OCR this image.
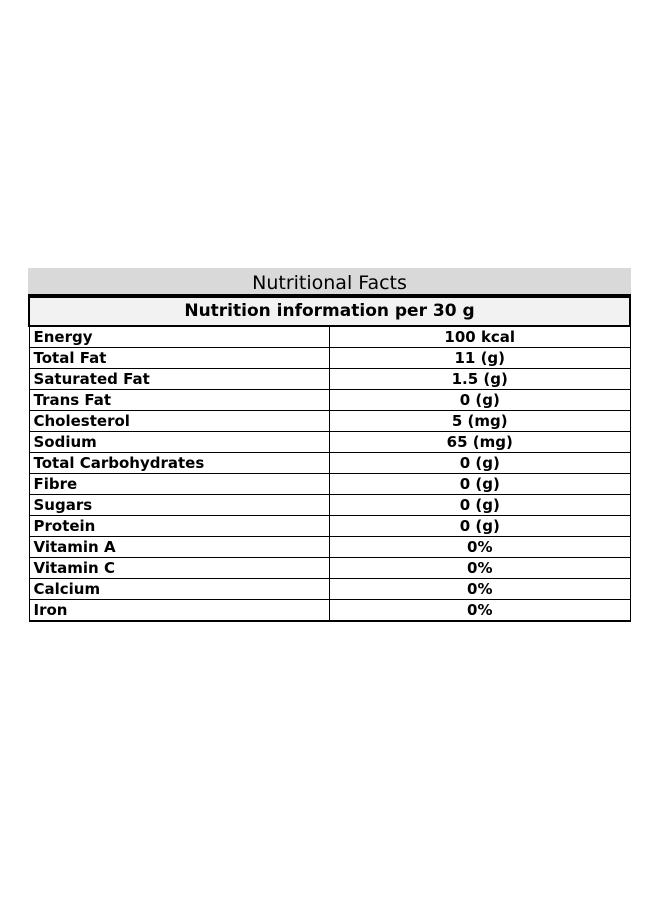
Nutritional Facts
Nutrition information per 30 g	
Energy	100 kcal
Total Fat	11 (g)
Saturated Fat	1.5 (g)
Trans Fat	0 (g)
Cholesterol	5 (mg)
Sodium	65 (mg)
Total Carbohydrates	0 (g)
Fibre	0 (g)
Sugars	0 (g)
Protein	0 (g)
Vitamin A	0%
Vitamin C	0%
Calcium	0%
Iron	0%
